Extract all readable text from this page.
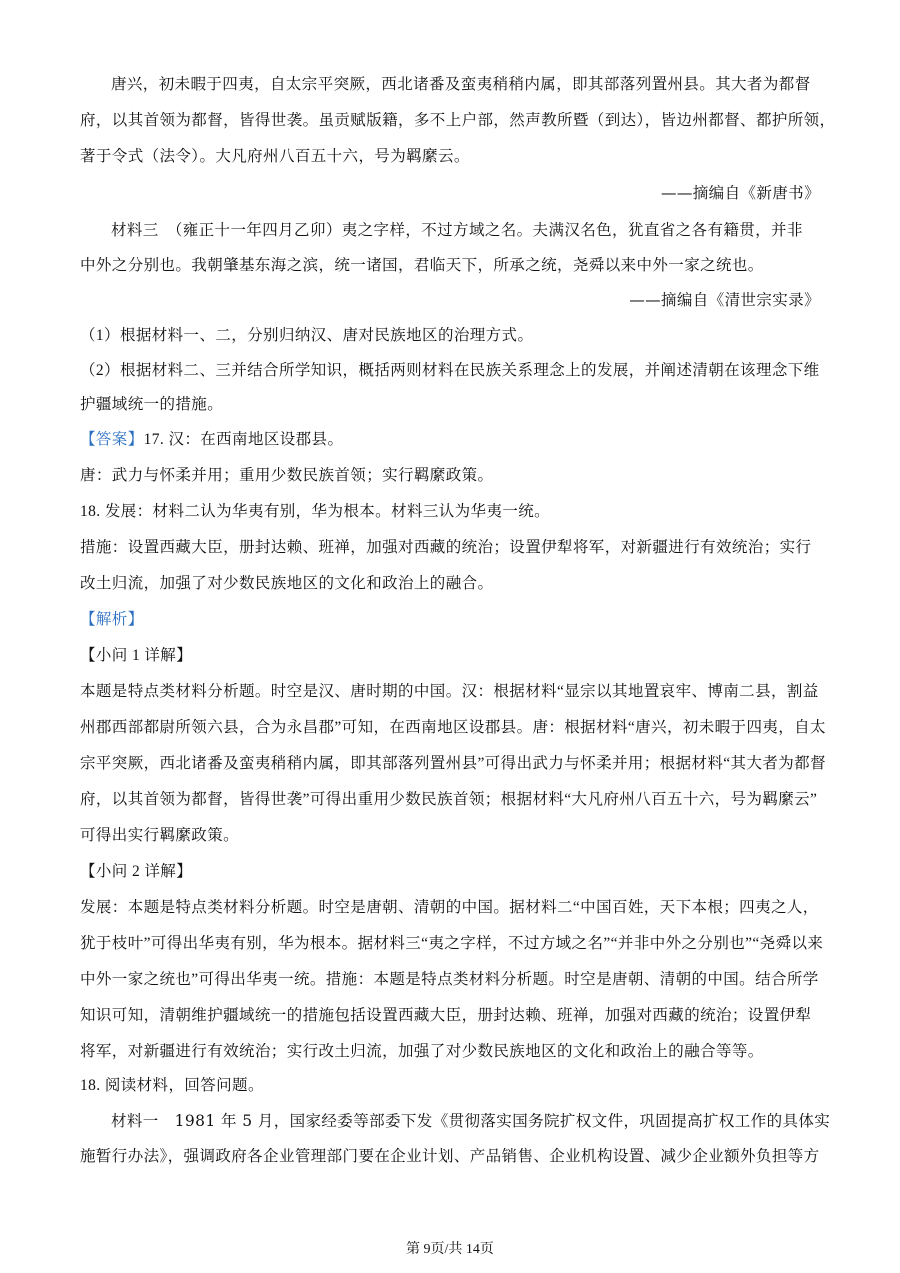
唐兴，初未暇于四夷，自太宗平突厥，西北诸番及蛮夷稍稍内属，即其部落列置州县。其大者为都督

府，以其首领为都督，皆得世袭。虽贡赋版籍，多不上户部，然声教所暨（到达），皆边州都督、都护所领，

著于令式（法令）。大凡府州八百五十六，号为羁縻云。

——摘编自《新唐书》

材料三　（雍正十一年四月乙卯）夷之字样，不过方域之名。夫满汉名色，犹直省之各有籍贯，并非

中外之分别也。我朝肇基东海之滨，统一诸国，君临天下，所承之统，尧舜以来中外一家之统也。

——摘编自《清世宗实录》

（1）根据材料一、二，分别归纳汉、唐对民族地区的治理方式。

（2）根据材料二、三并结合所学知识，概括两则材料在民族关系理念上的发展，并阐述清朝在该理念下维

护疆域统一的措施。

【答案】17. 汉：在西南地区设郡县。

唐：武力与怀柔并用；重用少数民族首领；实行羁縻政策。

18. 发展：材料二认为华夷有别，华为根本。材料三认为华夷一统。

措施：设置西藏大臣，册封达赖、班禅，加强对西藏的统治；设置伊犁将军，对新疆进行有效统治；实行

改土归流，加强了对少数民族地区的文化和政治上的融合。

【解析】

【小问 1 详解】

本题是特点类材料分析题。时空是汉、唐时期的中国。汉：根据材料“显宗以其地置哀牢、博南二县，割益

州郡西部都尉所领六县，合为永昌郡”可知，在西南地区设郡县。唐：根据材料“唐兴，初未暇于四夷，自太

宗平突厥，西北诸番及蛮夷稍稍内属，即其部落列置州县”可得出武力与怀柔并用；根据材料“其大者为都督

府，以其首领为都督，皆得世袭”可得出重用少数民族首领；根据材料“大凡府州八百五十六，号为羁縻云”

可得出实行羁縻政策。

【小问 2 详解】

发展：本题是特点类材料分析题。时空是唐朝、清朝的中国。据材料二“中国百姓，天下本根；四夷之人，

犹于枝叶”可得出华夷有别，华为根本。据材料三“夷之字样，不过方域之名”“并非中外之分别也”“尧舜以来

中外一家之统也”可得出华夷一统。措施：本题是特点类材料分析题。时空是唐朝、清朝的中国。结合所学

知识可知，清朝维护疆域统一的措施包括设置西藏大臣，册封达赖、班禅，加强对西藏的统治；设置伊犁

将军，对新疆进行有效统治；实行改土归流，加强了对少数民族地区的文化和政治上的融合等等。

18. 阅读材料，回答问题。

材料一　1981 年 5 月，国家经委等部委下发《贯彻落实国务院扩权文件，巩固提高扩权工作的具体实

施暂行办法》，强调政府各企业管理部门要在企业计划、产品销售、企业机构设置、减少企业额外负担等方

第 9页/共 14页
